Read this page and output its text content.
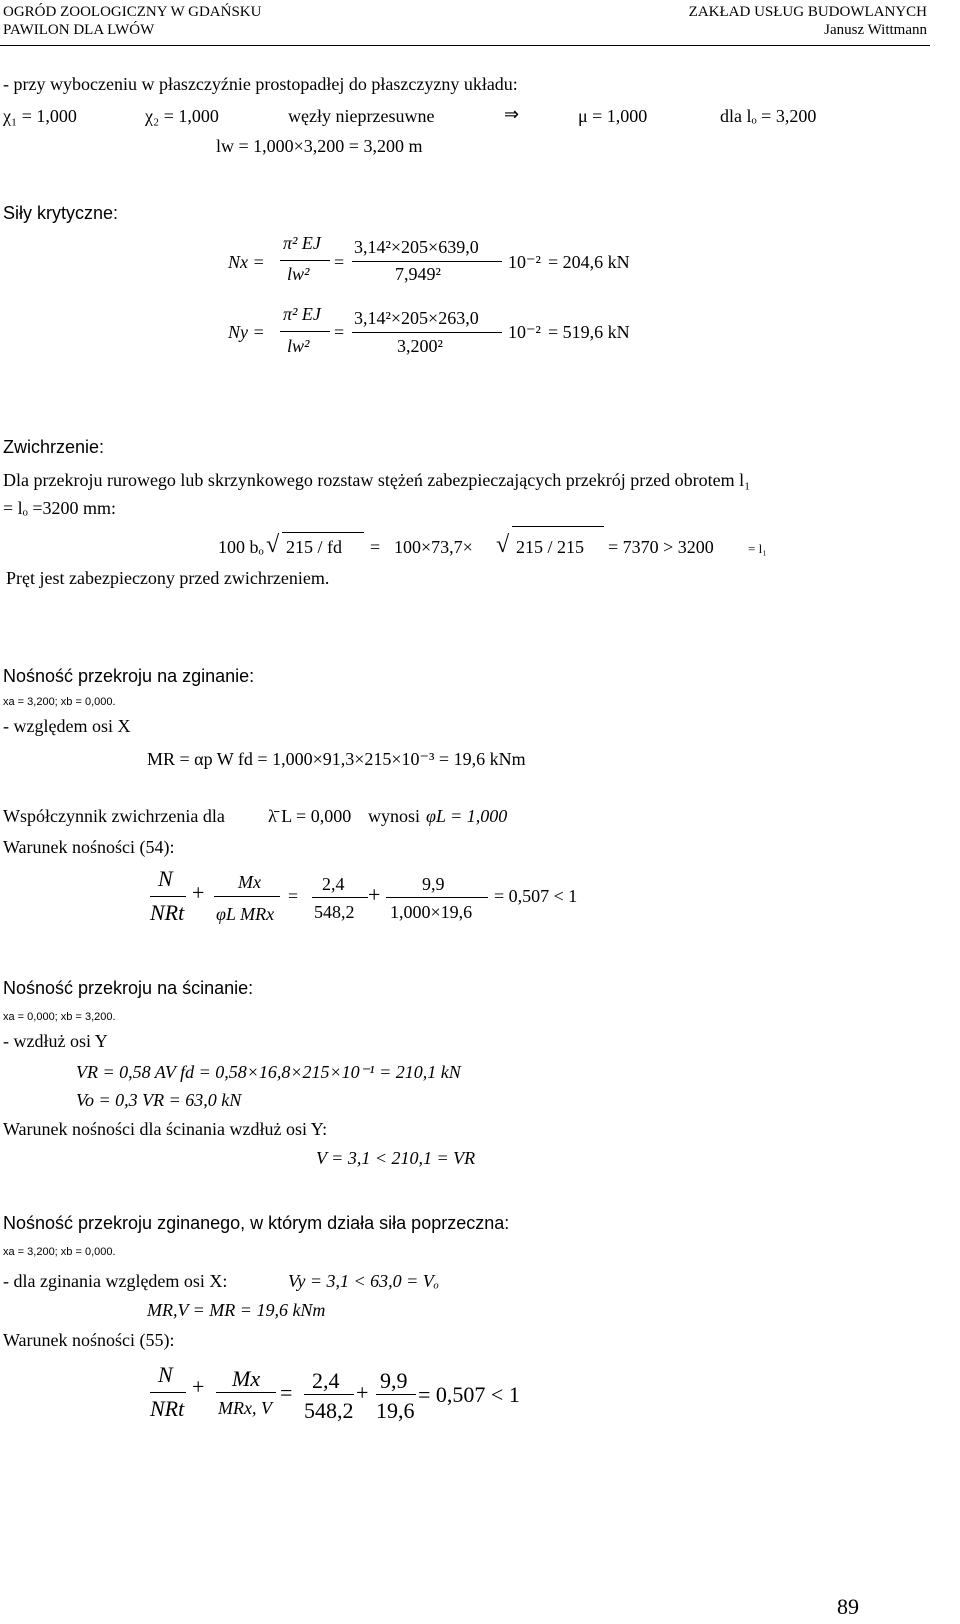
OGRÓD ZOOLOGICZNY W GDAŃSKU
PAWILON DLA LWÓW
ZAKŁAD USŁUG BUDOWLANYCH
Janusz Wittmann
- przy wyboczeniu w płaszczyźnie prostopadłej do płaszczyzny układu:
χ₁ = 1,000	χ₂ = 1,000	węzły nieprzesuwne	⇒	μ = 1,000	dla lₒ = 3,200
lw = 1,000×3,200 = 3,200 m
Siły krytyczne:
Nx =
π² EJ
lw²
=
3,14²×205×639,0
7,949²
10⁻² = 204,6 kN
Ny =
π² EJ
lw²
=
3,14²×205×263,0
3,200²
10⁻² = 519,6 kN
Zwichrzenie:
Dla przekroju rurowego lub skrzynkowego rozstaw stężeń zabezpieczających przekrój przed obrotem l₁
= lₒ =3200 mm:
100 bₒ √ 215 / fd = 100×73,7× √ 215 / 215 = 7370 > 3200	= l₁
Pręt jest zabezpieczony przed zwichrzeniem.
Nośność przekroju na zginanie:
xa = 3,200; xb = 0,000.
- względem osi X
MR = αp W fd = 1,000×91,3×215×10⁻³ = 19,6 kNm
Współczynnik zwichrzenia dla λ̄ L = 0,000 wynosi φL = 1,000
Warunek nośności (54):
N
NRt
+ Mx
φL MRx
=
2,4
548,2
+ 9,9
1,000×19,6
= 0,507 < 1
Nośność przekroju na ścinanie:
xa = 0,000; xb = 3,200.
- wzdłuż osi Y
VR = 0,58 AV fd = 0,58×16,8×215×10⁻¹ = 210,1 kN
Vo = 0,3 VR = 63,0 kN
Warunek nośności dla ścinania wzdłuż osi Y:
V = 3,1 < 210,1 = VR
Nośność przekroju zginanego, w którym działa siła poprzeczna:
xa = 3,200; xb = 0,000.
- dla zginania względem osi X:	Vy = 3,1 < 63,0 = Vₒ
MR,V = MR = 19,6 kNm
Warunek nośności (55):
N
NRt
+ Mx
MRx, V
= 2,4
548,2
+ 9,9
19,6
= 0,507 < 1
89
